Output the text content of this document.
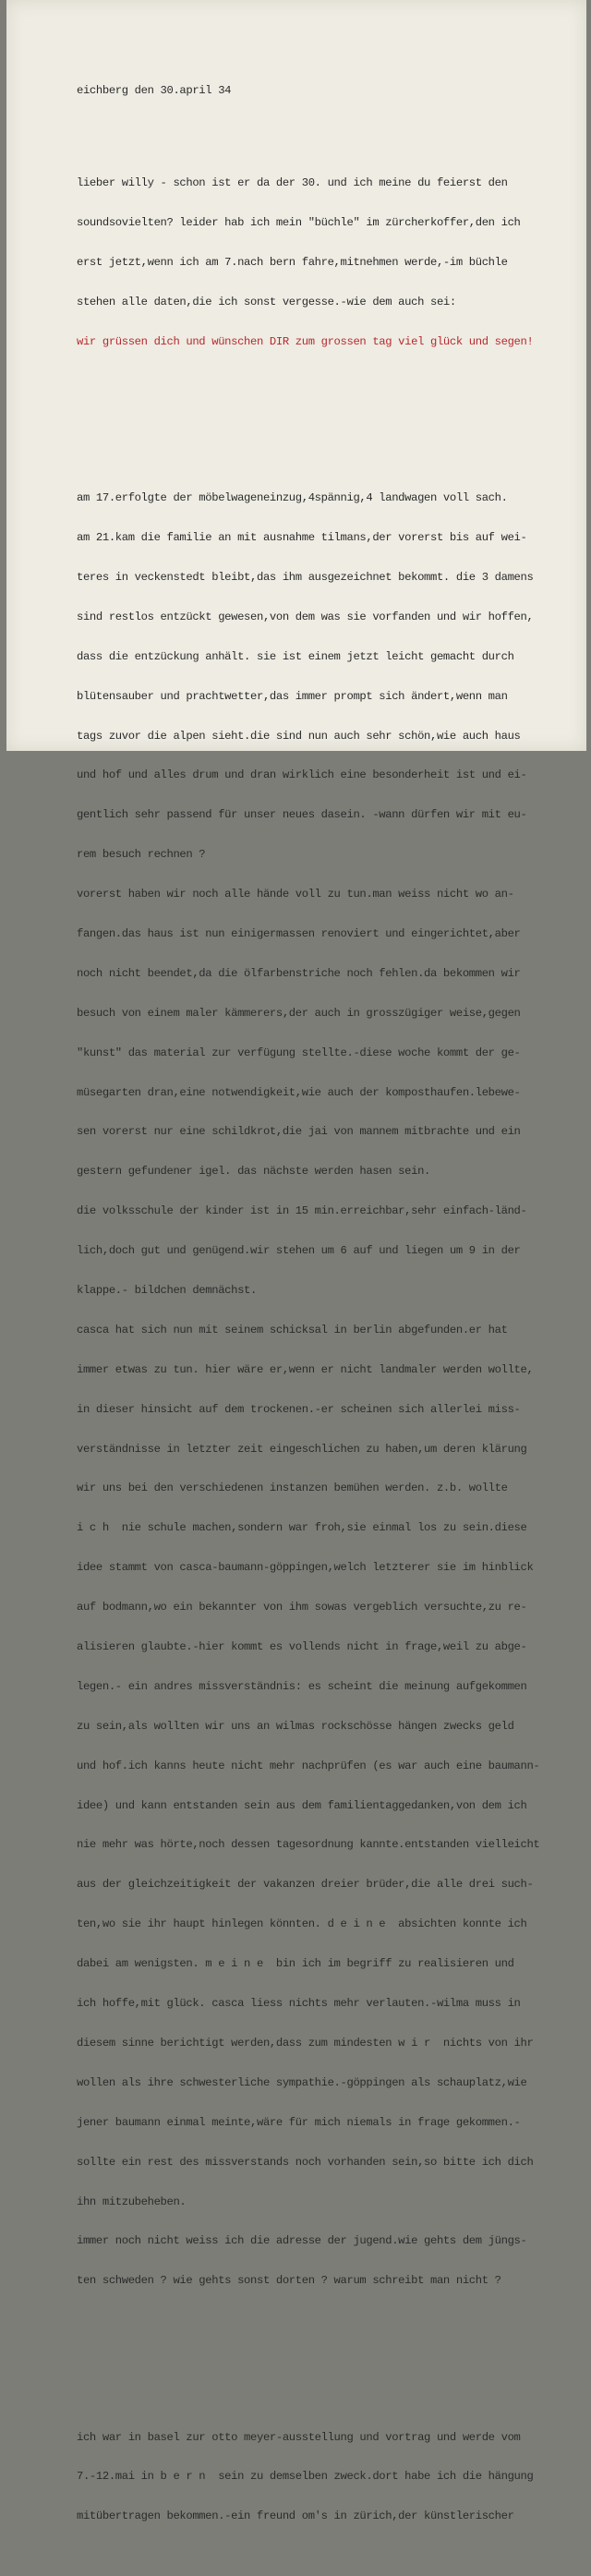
eichberg den 30.april 34

lieber willy - schon ist er da der 30. und ich meine du feierst den

soundsovielten? leider hab ich mein "büchle" im zürcherkoffer,den ich

erst jetzt,wenn ich am 7.nach bern fahre,mitnehmen werde,-im büchle

stehen alle daten,die ich sonst vergesse.-wie dem auch sei:

wir grüssen dich und wünschen DIR zum grossen tag viel glück und segen!

am 17.erfolgte der möbelwageneinzug,4spännig,4 landwagen voll sach.

am 21.kam die familie an mit ausnahme tilmans,der vorerst bis auf wei-

teres in veckenstedt bleibt,das ihm ausgezeichnet bekommt. die 3 damens

sind restlos entzückt gewesen,von dem was sie vorfanden und wir hoffen,

dass die entzückung anhält. sie ist einem jetzt leicht gemacht durch

blütensauber und prachtwetter,das immer prompt sich ändert,wenn man

tags zuvor die alpen sieht.die sind nun auch sehr schön,wie auch haus

und hof und alles drum und dran wirklich eine besonderheit ist und ei-

gentlich sehr passend für unser neues dasein. -wann dürfen wir mit eu-

rem besuch rechnen ?

vorerst haben wir noch alle hände voll zu tun.man weiss nicht wo an-

fangen.das haus ist nun einigermassen renoviert und eingerichtet,aber

noch nicht beendet,da die ölfarbenstriche noch fehlen.da bekommen wir

besuch von einem maler kämmerers,der auch in grosszügiger weise,gegen

"kunst" das material zur verfügung stellte.-diese woche kommt der ge-

müsegarten dran,eine notwendigkeit,wie auch der komposthaufen.lebewe-

sen vorerst nur eine schildkrot,die jai von mannem mitbrachte und ein

gestern gefundener igel. das nächste werden hasen sein.

die volksschule der kinder ist in 15 min.erreichbar,sehr einfach-länd-

lich,doch gut und genügend.wir stehen um 6 auf und liegen um 9 in der

klappe.- bildchen demnächst.

casca hat sich nun mit seinem schicksal in berlin abgefunden.er hat

immer etwas zu tun. hier wäre er,wenn er nicht landmaler werden wollte,

in dieser hinsicht auf dem trockenen.-er scheinen sich allerlei miss-

verständnisse in letzter zeit eingeschlichen zu haben,um deren klärung

wir uns bei den verschiedenen instanzen bemühen werden. z.b. wollte

i c h  nie schule machen,sondern war froh,sie einmal los zu sein.diese

idee stammt von casca-baumann-göppingen,welch letzterer sie im hinblick

auf bodmann,wo ein bekannter von ihm sowas vergeblich versuchte,zu re-

alisieren glaubte.-hier kommt es vollends nicht in frage,weil zu abge-

legen.- ein andres missverständnis: es scheint die meinung aufgekommen

zu sein,als wollten wir uns an wilmas rockschösse hängen zwecks geld

und hof.ich kanns heute nicht mehr nachprüfen (es war auch eine baumann-

idee) und kann entstanden sein aus dem familientaggedanken,von dem ich

nie mehr was hörte,noch dessen tagesordnung kannte.entstanden vielleicht

aus der gleichzeitigkeit der vakanzen dreier brüder,die alle drei such-

ten,wo sie ihr haupt hinlegen könnten. d e i n e  absichten konnte ich

dabei am wenigsten. m e i n e  bin ich im begriff zu realisieren und

ich hoffe,mit glück. casca liess nichts mehr verlauten.-wilma muss in

diesem sinne berichtigt werden,dass zum mindesten w i r  nichts von ihr

wollen als ihre schwesterliche sympathie.-göppingen als schauplatz,wie

jener baumann einmal meinte,wäre für mich niemals in frage gekommen.-

sollte ein rest des missverstands noch vorhanden sein,so bitte ich dich

ihn mitzubeheben.

immer noch nicht weiss ich die adresse der jugend.wie gehts dem jüngs-

ten schweden ? wie gehts sonst dorten ? warum schreibt man nicht ?

ich war in basel zur otto meyer-ausstellung und vortrag und werde vom

7.-12.mai in b e r n  sein zu demselben zweck.dort habe ich die hängung

mitübertragen bekommen.-ein freund om's in zürich,der künstlerischer
